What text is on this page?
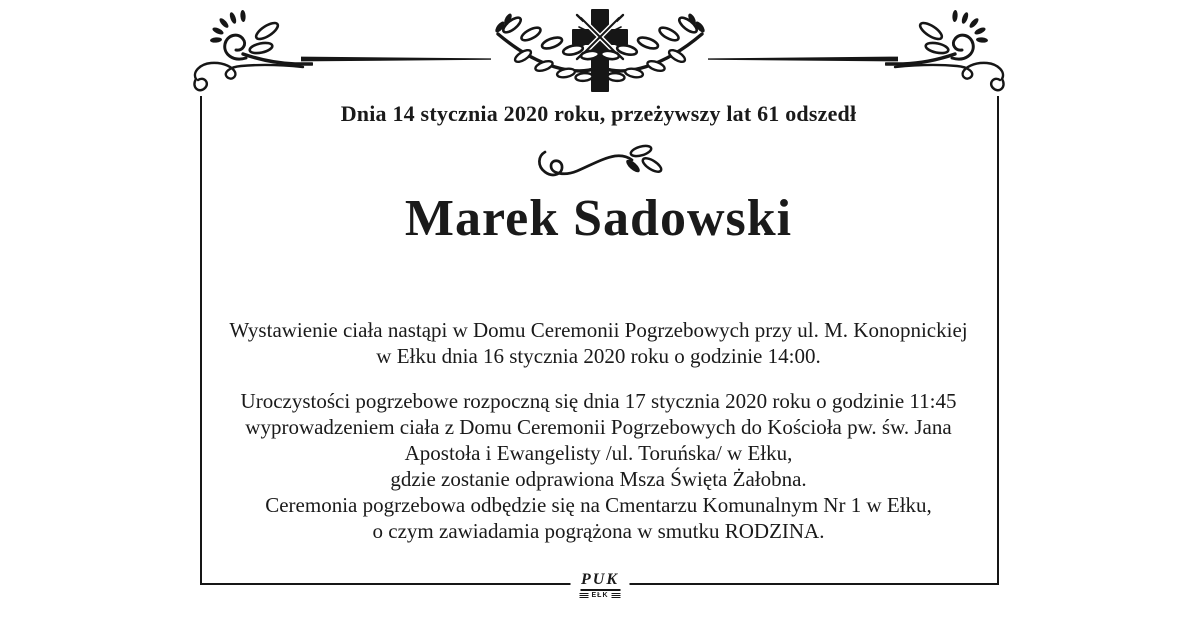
Dnia 14 stycznia 2020 roku, przeżywszy lat 61 odszedł
Marek Sadowski

Wystawienie ciała nastąpi w Domu Ceremonii Pogrzebowych przy ul. M. Konopnickiej
w Ełku dnia 16 stycznia 2020 roku o godzinie 14:00.

Uroczystości pogrzebowe rozpoczną się dnia 17 stycznia 2020 roku o godzinie 11:45
wyprowadzeniem ciała z Domu Ceremonii Pogrzebowych do Kościoła pw. św. Jana
Apostoła i Ewangelisty /ul. Toruńska/ w Ełku,
gdzie zostanie odprawiona Msza Święta Żałobna.
Ceremonia pogrzebowa odbędzie się na Cmentarzu Komunalnym Nr 1 w Ełku,
o czym zawiadamia pogrążona w smutku RODZINA.

PUK
EŁK
